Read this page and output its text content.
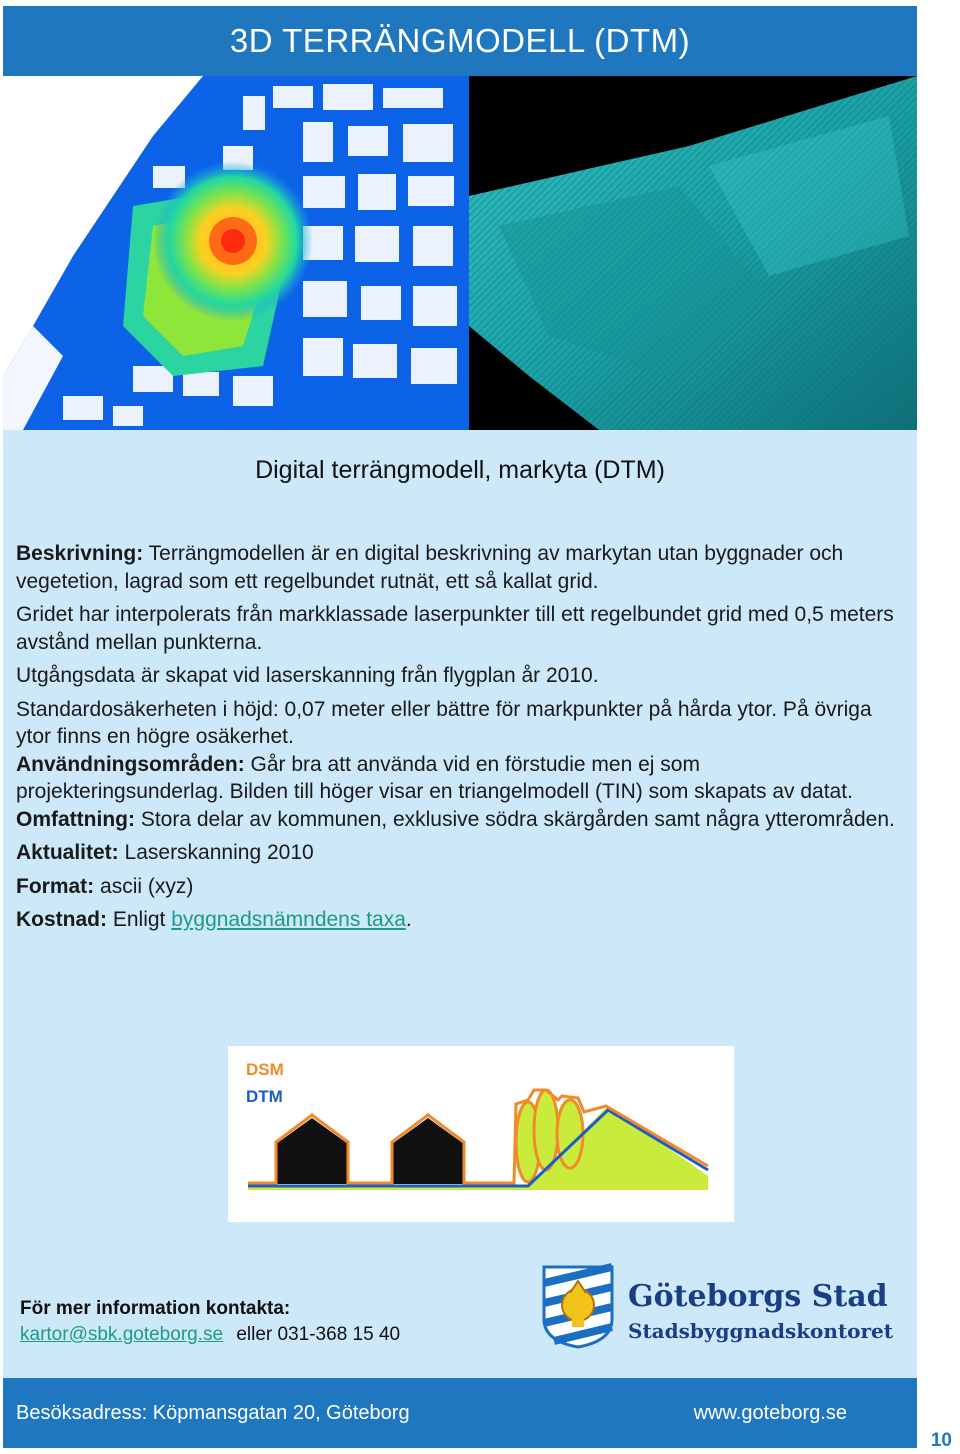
3D TERRÄNGMODELL (DTM)
Digital terrängmodell, markyta (DTM)

Beskrivning: Terrängmodellen är en digital beskrivning av markytan utan byggnader och vegetetion, lagrad som ett regelbundet rutnät, ett så kallat grid.

Gridet har interpolerats från markklassade laserpunkter till ett regelbundet grid med 0,5 meters avstånd mellan punkterna.

Utgångsdata är skapat vid laserskanning från flygplan år 2010.

Standardosäkerheten i höjd: 0,07 meter eller bättre för markpunkter på hårda ytor. På övriga ytor finns en högre osäkerhet.

Användningsområden: Går bra att använda vid en förstudie men ej som projekteringsunderlag. Bilden till höger visar en triangelmodell (TIN) som skapats av datat.

Omfattning: Stora delar av kommunen, exklusive södra skärgården samt några ytterområden.

Aktualitet: Laserskanning 2010

Format: ascii (xyz)

Kostnad: Enligt byggnadsnämndens taxa.

DSM
DTM
För mer information kontakta:
kartor@sbk.goteborg.se eller 031-368 15 40
Göteborgs Stad
Stadsbyggnadskontoret
Besöksadress: Köpmansgatan 20, Göteborg	www.goteborg.se
10
